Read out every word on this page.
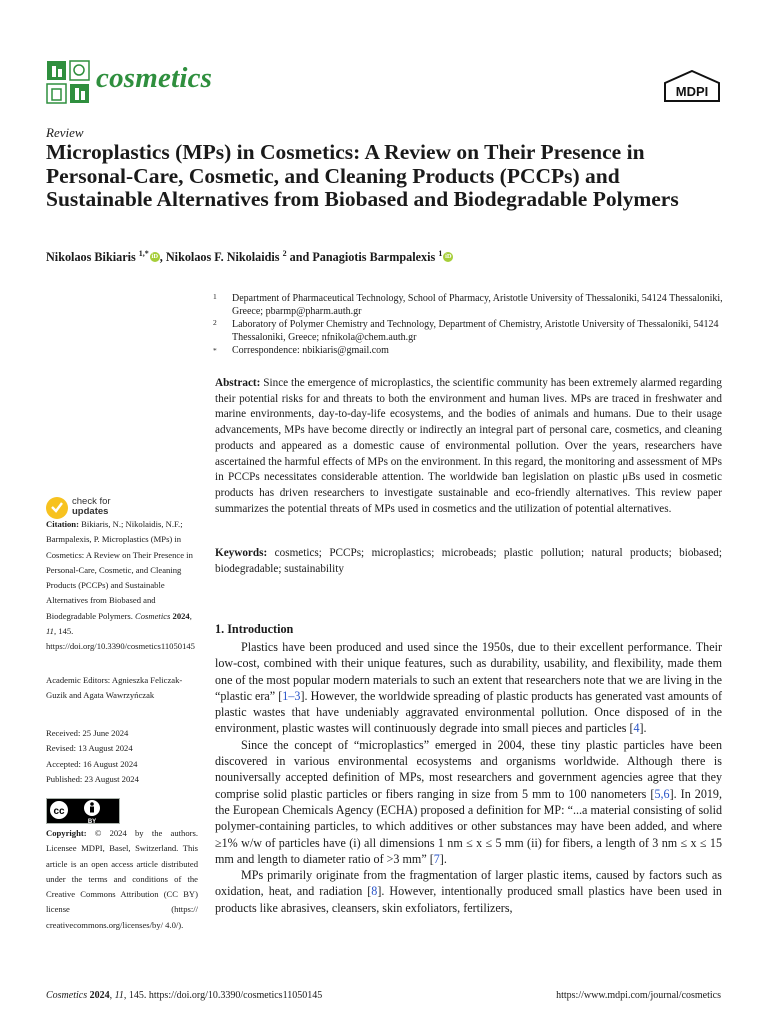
cosmetics	MDPI
Review
Microplastics (MPs) in Cosmetics: A Review on Their Presence in Personal-Care, Cosmetic, and Cleaning Products (PCCPs) and Sustainable Alternatives from Biobased and Biodegradable Polymers
Nikolaos Bikiaris $^{1,*}$ iD , Nikolaos F. Nikolaidis $^2$ and Panagiotis Barmpalexis $^1$ iD
1 Department of Pharmaceutical Technology, School of Pharmacy, Aristotle University of Thessaloniki, 54124 Thessaloniki, Greece; pbarmp@pharm.auth.gr
2 Laboratory of Polymer Chemistry and Technology, Department of Chemistry, Aristotle University of Thessaloniki, 54124 Thessaloniki, Greece; nfnikola@chem.auth.gr
* Correspondence: nbikiaris@gmail.com

Abstract: Since the emergence of microplastics, the scientific community has been extremely alarmed regarding their potential risks for and threats to both the environment and human lives. MPs are traced in freshwater and marine environments, day-to-day-life ecosystems, and the bodies of animals and humans. Due to their usage advancements, MPs have become directly or indirectly an integral part of personal care, cosmetics, and cleaning products and appeared as a domestic cause of environmental pollution. Over the years, researchers have ascertained the harmful effects of MPs on the environment. In this regard, the monitoring and assessment of MPs in PCCPs necessitates considerable attention. The worldwide ban legislation on plastic μBs used in cosmetic products has driven researchers to investigate sustainable and eco-friendly alternatives. This review paper summarizes the potential threats of MPs used in cosmetics and the utilization of potential alternatives.

Keywords: cosmetics; PCCPs; microplastics; microbeads; plastic pollution; natural products; biobased; biodegradable; sustainability

check for
updates

Citation: Bikiaris, N.; Nikolaidis, N.F.; Barmpalexis, P. Microplastics (MPs) in Cosmetics: A Review on Their Presence in Personal-Care, Cosmetic, and Cleaning Products (PCCPs) and Sustainable Alternatives from Biobased and Biodegradable Polymers. Cosmetics 2024, 11, 145. https://doi.org/10.3390/cosmetics11050145

Academic Editors: Agnieszka Feliczak-Guzik and Agata Wawrzyńczak

Received: 25 June 2024

Revised: 13 August 2024

Accepted: 16 August 2024

Published: 23 August 2024

cc
BY

Copyright: © 2024 by the authors. Licensee MDPI, Basel, Switzerland. This article is an open access article distributed under the terms and conditions of the Creative Commons Attribution (CC BY) license (https:// creativecommons.org/licenses/by/ 4.0/).

1. Introduction

Plastics have been produced and used since the 1950s, due to their excellent performance. Their low-cost, combined with their unique features, such as durability, usability, and flexibility, made them one of the most popular modern materials to such an extent that researchers note that we are living in the “plastic era” [1–3]. However, the worldwide spreading of plastic products has generated vast amounts of plastic wastes that have undeniably aggravated environmental pollution. Once disposed of in the environment, plastic wastes will continuously degrade into small pieces and particles [4].

Since the concept of “microplastics” emerged in 2004, these tiny plastic particles have been discovered in various environmental ecosystems and organisms worldwide. Although there is nouniversally accepted definition of MPs, most researchers and government agencies agree that they comprise solid plastic particles or fibers ranging in size from 5 mm to 100 nanometers [5,6]. In 2019, the European Chemicals Agency (ECHA) proposed a definition for MP: “...a material consisting of solid polymer-containing particles, to which additives or other substances may have been added, and where ≥1% w/w of particles have (i) all dimensions 1 nm ≤ x ≤ 5 mm (ii) for fibers, a length of 3 nm ≤ x ≤ 15 mm and length to diameter ratio of >3 mm” [7].

MPs primarily originate from the fragmentation of larger plastic items, caused by factors such as oxidation, heat, and radiation [8]. However, intentionally produced small plastics have been used in products like abrasives, cleansers, skin exfoliators, fertilizers,

Cosmetics 2024, 11, 145. https://doi.org/10.3390/cosmetics11050145	https://www.mdpi.com/journal/cosmetics
